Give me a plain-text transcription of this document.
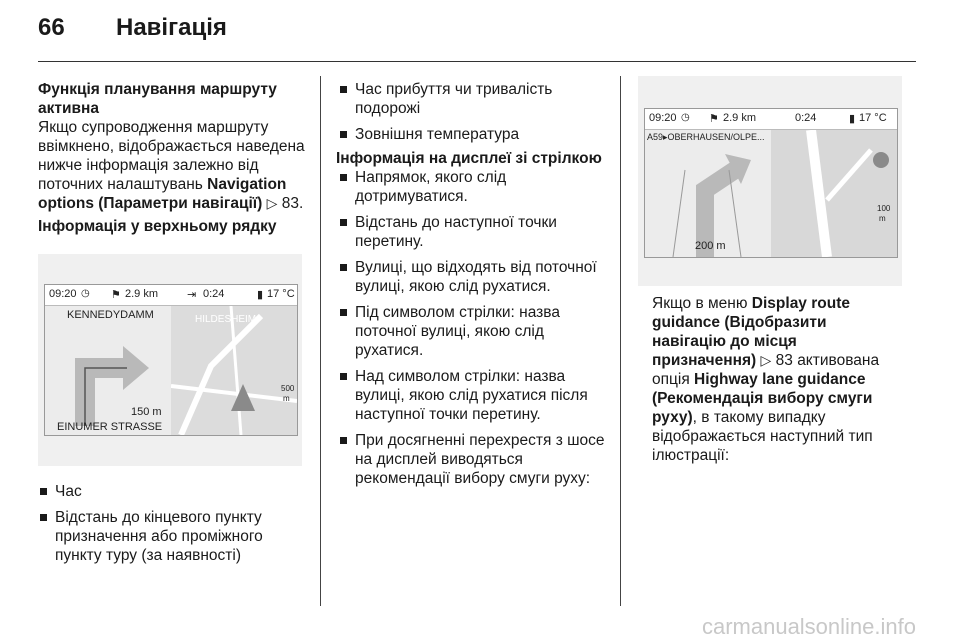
66 Навігація

Функція планування маршруту активна

Якщо супроводження маршруту ввімкнено, відображається наведена нижче інформація залежно від поточних налаштувань Navigation options (Параметри навігації) ▷ 83.

Інформація у верхньому рядку

09:20 ◷ ⚑ 2.9 km	⇥ 0:24	▮ 17 °C
KENNEDYDAMM
150 m
EINUMER STRASSE
HILDESHEIM
500
m
Час
Відстань до кінцевого пункту призначення або проміжного пункту туру (за наявності)
Час прибуття чи тривалість подорожі
Зовнішня температура

Інформація на дисплеї зі стрілкою

Напрямок, якого слід дотримуватися.
Відстань до наступної точки перетину.
Вулиці, що відходять від поточної вулиці, якою слід рухатися.
Під символом стрілки: назва поточної вулиці, якою слід рухатися.
Над символом стрілки: назва вулиці, якою слід рухатися після наступної точки перетину.
При досягненні перехрестя з шосе на дисплей виводяться рекомендації вибору смуги руху:
09:20 ◷ ⚑ 2.9 km	0:24	▮ 17 °C
A59▸OBERHAUSEN/OLPE...
200 m
100
m

Якщо в меню Display route guidance (Відобразити навігацію до місця призначення) ▷ 83 активована опція Highway lane guidance (Рекомендація вибору смуги руху), в такому випадку відображається наступний тип ілюстрації:

carmanualsonline.info
